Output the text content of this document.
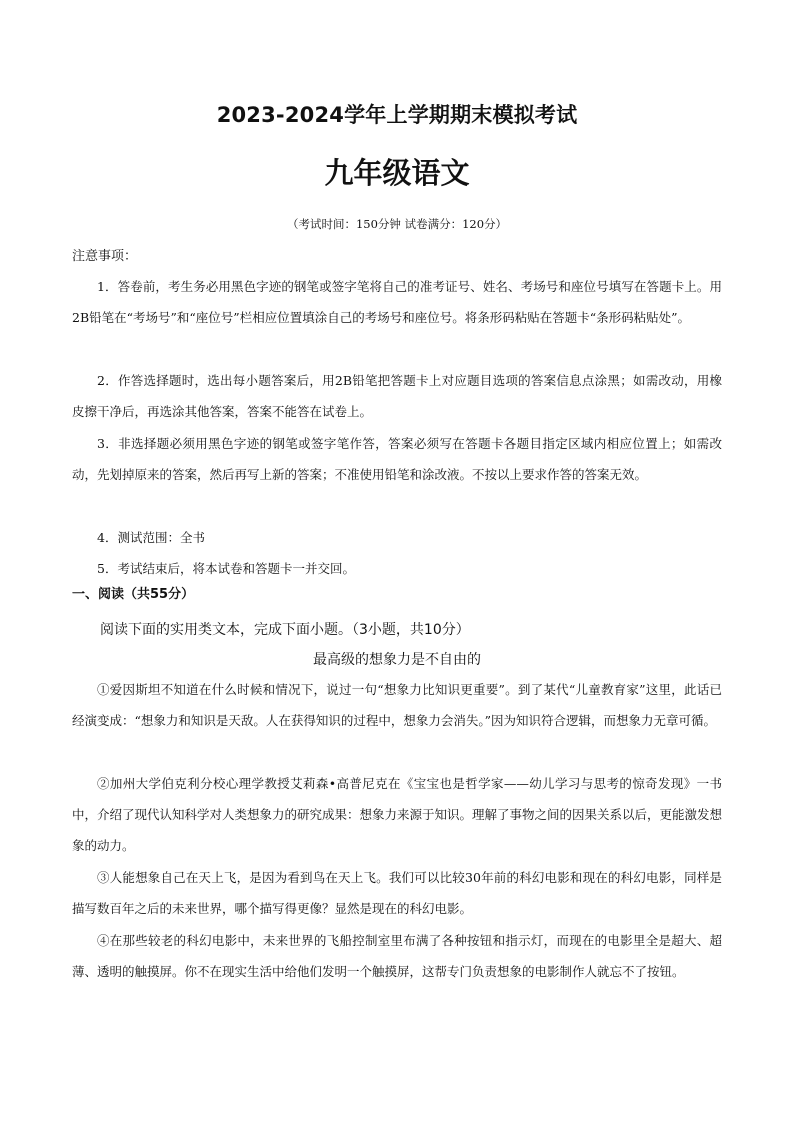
2023-2024学年上学期期末模拟考试
九年级语文
（考试时间：150分钟 试卷满分：120分）
注意事项：

1．答卷前，考生务必用黑色字迹的钢笔或签字笔将自己的准考证号、姓名、考场号和座位号填写在答题卡上。用2B铅笔在“考场号”和“座位号”栏相应位置填涂自己的考场号和座位号。将条形码粘贴在答题卡“条形码粘贴处”。

2．作答选择题时，选出每小题答案后，用2B铅笔把答题卡上对应题目选项的答案信息点涂黑；如需改动，用橡皮擦干净后，再选涂其他答案，答案不能答在试卷上。

3．非选择题必须用黑色字迹的钢笔或签字笔作答，答案必须写在答题卡各题目指定区域内相应位置上；如需改动，先划掉原来的答案，然后再写上新的答案；不准使用铅笔和涂改液。不按以上要求作答的答案无效。

4．测试范围：全书

5．考试结束后，将本试卷和答题卡一并交回。

一、阅读（共55分）
阅读下面的实用类文本，完成下面小题。（3小题，共10分）
最高级的想象力是不自由的

①爱因斯坦不知道在什么时候和情况下，说过一句“想象力比知识更重要”。到了某代“儿童教育家”这里，此话已经演变成：“想象力和知识是天敌。人在获得知识的过程中，想象力会消失。”因为知识符合逻辑，而想象力无章可循。

②加州大学伯克利分校心理学教授艾莉森•高普尼克在《宝宝也是哲学家——幼儿学习与思考的惊奇发现》一书中，介绍了现代认知科学对人类想象力的研究成果：想象力来源于知识。理解了事物之间的因果关系以后，更能激发想象的动力。

③人能想象自己在天上飞，是因为看到鸟在天上飞。我们可以比较30年前的科幻电影和现在的科幻电影，同样是描写数百年之后的未来世界，哪个描写得更像？显然是现在的科幻电影。

④在那些较老的科幻电影中，未来世界的飞船控制室里布满了各种按钮和指示灯，而现在的电影里全是超大、超薄、透明的触摸屏。你不在现实生活中给他们发明一个触摸屏，这帮专门负责想象的电影制作人就忘不了按钮。
